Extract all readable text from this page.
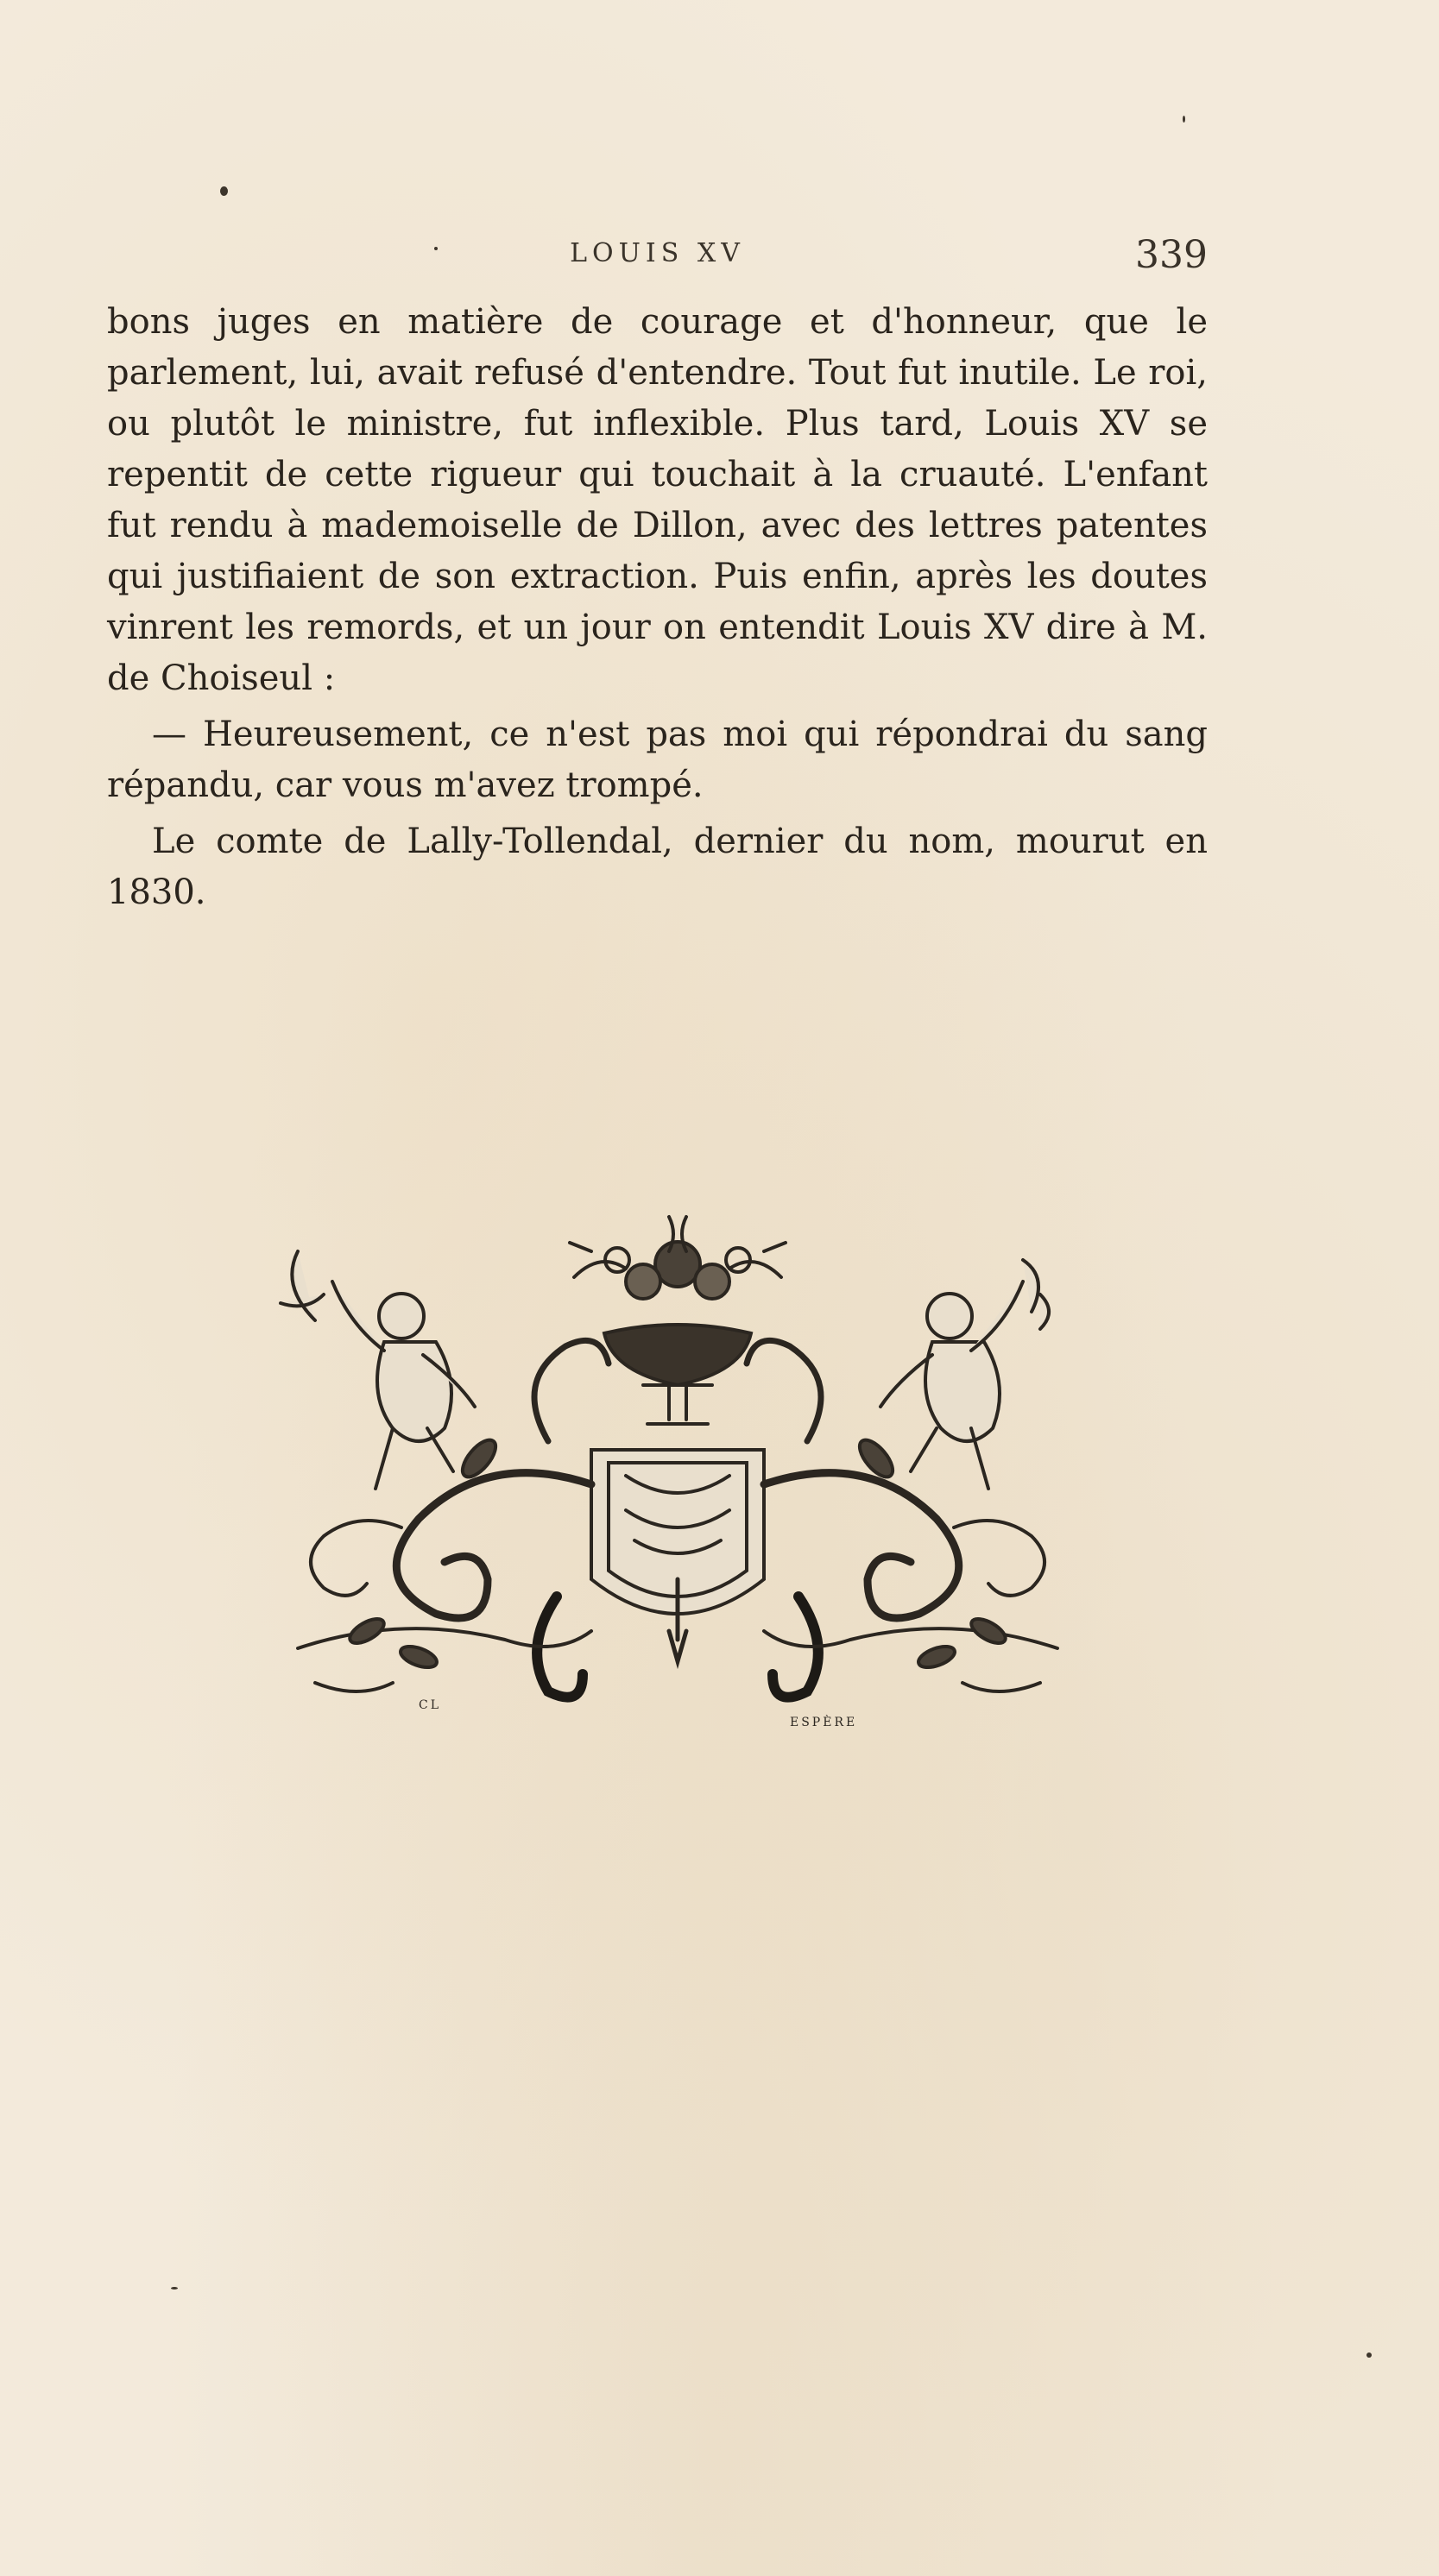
LOUIS XV	339

bons juges en matière de courage et d'honneur, que le parlement, lui, avait refusé d'entendre. Tout fut inutile. Le roi, ou plutôt le ministre, fut inflexible. Plus tard, Louis XV se repentit de cette rigueur qui touchait à la cruauté. L'enfant fut rendu à mademoiselle de Dillon, avec des lettres patentes qui justifiaient de son extraction. Puis enfin, après les doutes vinrent les remords, et un jour on entendit Louis XV dire à M. de Choiseul :

— Heureusement, ce n'est pas moi qui répondrai du sang répandu, car vous m'avez trompé.

Le comte de Lally-Tollendal, dernier du nom, mourut en 1830.

CL
ESPÈRE
